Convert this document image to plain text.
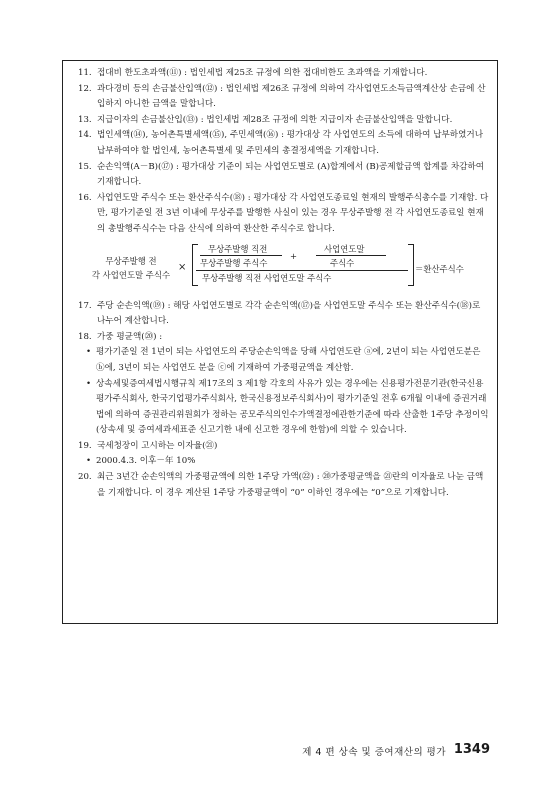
11. 접대비 한도초과액(⑪) : 법인세법 제25조 규정에 의한 접대비한도 초과액을 기재합니다.
12. 과다경비 등의 손금불산입액(⑫) : 법인세법 제26조 규정에 의하여 각사업연도소득금액계산상 손금에 산입하지 아니한 금액을 말합니다.
13. 지급이자의 손금불산입(⑬) : 법인세법 제28조 규정에 의한 지급이자 손금불산입액을 말합니다.
14. 법인세액(⑭), 농어촌특별세액(⑮), 주민세액(⑯) : 평가대상 각 사업연도의 소득에 대하여 납부하였거나 납부하여야 할 법인세, 농어촌특별세 및 주민세의 총결정세액을 기재합니다.
15. 순손익액(A－B)(⑰) : 평가대상 기준이 되는 사업연도별로 (A)합계에서 (B)공제할금액 합계를 차감하여 기재합니다.
16. 사업연도말 주식수 또는 환산주식수(⑱) : 평가대상 각 사업연도종료일 현재의 발행주식총수를 기재함. 다만, 평가기준일 전 3년 이내에 무상주를 발행한 사실이 있는 경우 무상주발행 전 각 사업연도종료일 현재의 총발행주식수는 다음 산식에 의하여 환산한 주식수로 합니다.
무상주발행 전
각 사업연도말 주식수
×
무상주발행 직전	사업연도말
+
무상주발행 주식수	주식수
무상주발행 직전 사업연도말 주식수
＝환산주식수
17. 주당 순손익액(⑲) : 해당 사업연도별로 각각 순손익액(⑰)을 사업연도말 주식수 또는 환산주식수(⑱)로 나누어 계산합니다.
18. 가중 평균액(⑳) :
• 평가기준일 전 1년이 되는 사업연도의 주당순손익액을 당해 사업연도란 ⓐ에, 2년이 되는 사업연도분은 ⓑ에, 3년이 되는 사업연도 분을 ⓒ에 기재하여 가중평균액을 계산함.
• 상속세및증여세법시행규칙 제17조의 3 제1항 각호의 사유가 있는 경우에는 신용평가전문기관(한국신용평가주식회사, 한국기업평가주식회사, 한국신용정보주식회사)이 평가기준일 전후 6개월 이내에 증권거래법에 의하여 증권관리위원회가 정하는 공모주식의인수가액결정에관한기준에 따라 산출한 1주당 추정이익(상속세 및 증여세과세표준 신고기한 내에 신고한 경우에 한함)에 의할 수 있습니다.
19. 국세청장이 고시하는 이자율(㉑)
• 2000.4.3. 이후－年 10%
20. 최근 3년간 순손익액의 가중평균액에 의한 1주당 가액(㉒) : ⑳가중평균액을 ㉑란의 이자율로 나눈 금액을 기재합니다. 이 경우 계산된 1주당 가중평균액이 “0” 이하인 경우에는 “0”으로 기재합니다.
제 4 편 상속 및 증여재산의 평가 1349
